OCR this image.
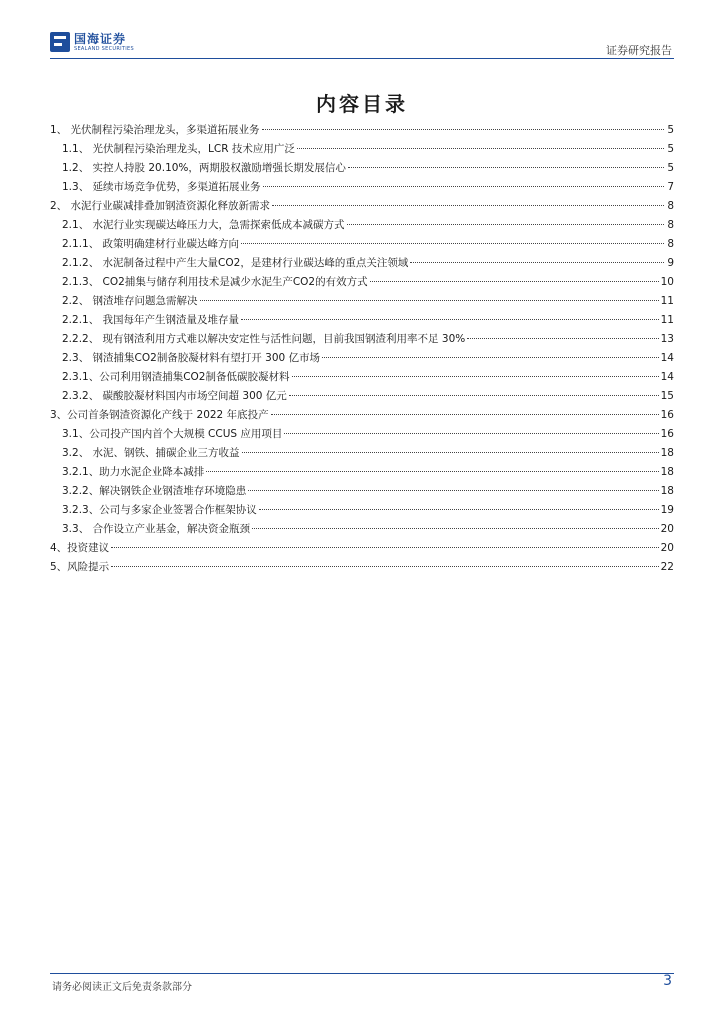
国海证券
SEALAND SECURITIES	证券研究报告
内容目录
1、 光伏制程污染治理龙头，多渠道拓展业务	5
1.1、 光伏制程污染治理龙头，LCR 技术应用广泛	5
1.2、 实控人持股 20.10%，两期股权激励增强长期发展信心	5
1.3、 延续市场竞争优势，多渠道拓展业务	7
2、 水泥行业碳减排叠加钢渣资源化释放新需求	8
2.1、 水泥行业实现碳达峰压力大，急需探索低成本减碳方式	8
2.1.1、 政策明确建材行业碳达峰方向	8
2.1.2、 水泥制备过程中产生大量CO2，是建材行业碳达峰的重点关注领域	9
2.1.3、 CO2捕集与储存利用技术是减少水泥生产CO2的有效方式	10
2.2、 钢渣堆存问题急需解决	11
2.2.1、 我国每年产生钢渣量及堆存量	11
2.2.2、 现有钢渣利用方式难以解决安定性与活性问题，目前我国钢渣利用率不足 30%	13
2.3、 钢渣捕集CO2制备胶凝材料有望打开 300 亿市场	14
2.3.1、公司利用钢渣捕集CO2制备低碳胶凝材料	14
2.3.2、 碳酸胶凝材料国内市场空间超 300 亿元	15
3、公司首条钢渣资源化产线于 2022 年底投产	16
3.1、公司投产国内首个大规模 CCUS 应用项目	16
3.2、 水泥、钢铁、捕碳企业三方收益	18
3.2.1、助力水泥企业降本减排	18
3.2.2、解决钢铁企业钢渣堆存环境隐患	18
3.2.3、公司与多家企业签署合作框架协议	19
3.3、 合作设立产业基金，解决资金瓶颈	20
4、投资建议	20
5、风险提示	22
请务必阅读正文后免责条款部分	3
